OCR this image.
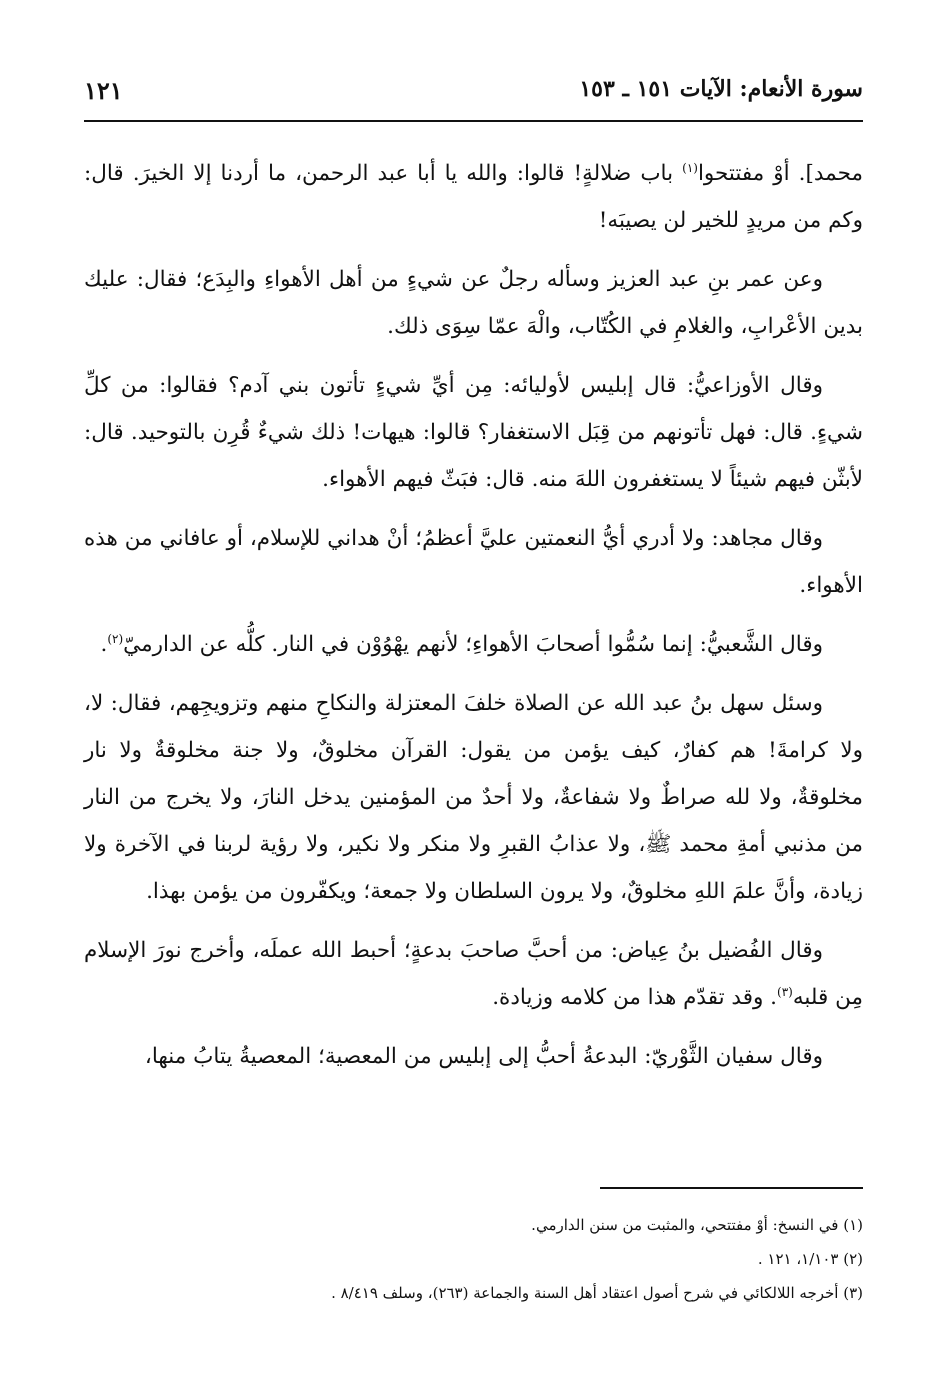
سورة الأنعام: الآيات ١٥١ ـ ١٥٣
١٢١

محمد]. أوْ مفتتحوا$^{(١)}$ باب ضلالةٍ! قالوا: والله يا أبا عبد الرحمن، ما أردنا إلا الخيرَ. قال: وكم من مريدٍ للخير لن يصيبَه!

وعن عمر بنِ عبد العزيز وسأله رجلٌ عن شيءٍ من أهل الأهواءِ والبِدَع؛ فقال: عليك بدين الأعْرابِ، والغلامِ في الكُتّاب، والْهَ عمّا سِوَى ذلك.

وقال الأوزاعيُّ: قال إبليس لأوليائه: مِن أيِّ شيءٍ تأتون بني آدم؟ فقالوا: من كلِّ شيءٍ. قال: فهل تأتونهم من قِبَل الاستغفار؟ قالوا: هيهات! ذلك شيءٌ قُرِن بالتوحيد. قال: لأبثّن فيهم شيئاً لا يستغفرون اللهَ منه. قال: فبَثّ فيهم الأهواء.

وقال مجاهد: ولا أدري أيُّ النعمتين عليَّ أعظمُ؛ أنْ هداني للإسلام، أو عافاني من هذه الأهواء.

وقال الشَّعبيُّ: إنما سُمُّوا أصحابَ الأهواءِ؛ لأنهم يهْوُوْن في النار. كلُّه عن الدارميّ$^{(٢)}$.

وسئل سهل بنُ عبد الله عن الصلاة خلفَ المعتزلة والنكاحِ منهم وتزويجِهم، فقال: لا، ولا كرامةَ! هم كفارٌ، كيف يؤمن من يقول: القرآن مخلوقٌ، ولا جنة مخلوقةٌ ولا نار مخلوقةٌ، ولا لله صراطٌ ولا شفاعةٌ، ولا أحدٌ من المؤمنين يدخل النارَ، ولا يخرج من النار من مذنبي أمةِ محمد ﷺ، ولا عذابُ القبرِ ولا منكر ولا نكير، ولا رؤية لربنا في الآخرة ولا زيادة، وأنَّ علمَ اللهِ مخلوقٌ، ولا يرون السلطان ولا جمعة؛ ويكفّرون من يؤمن بهذا.

وقال الفُضيل بنُ عِياض: من أحبَّ صاحبَ بدعةٍ؛ أحبط الله عملَه، وأخرج نورَ الإسلام مِن قلبه$^{(٣)}$. وقد تقدّم هذا من كلامه وزيادة.

وقال سفيان الثَّوْريّ: البدعةُ أحبُّ إلى إبليس من المعصية؛ المعصيةُ يتابُ منها،

(١) في النسخ: أوْ مفتتحي، والمثبت من سنن الدارمي.

(٢) ١/١٠٣، ١٢١ .

(٣) أخرجه اللالكائي في شرح أصول اعتقاد أهل السنة والجماعة (٢٦٣)، وسلف ٨/٤١٩ .
